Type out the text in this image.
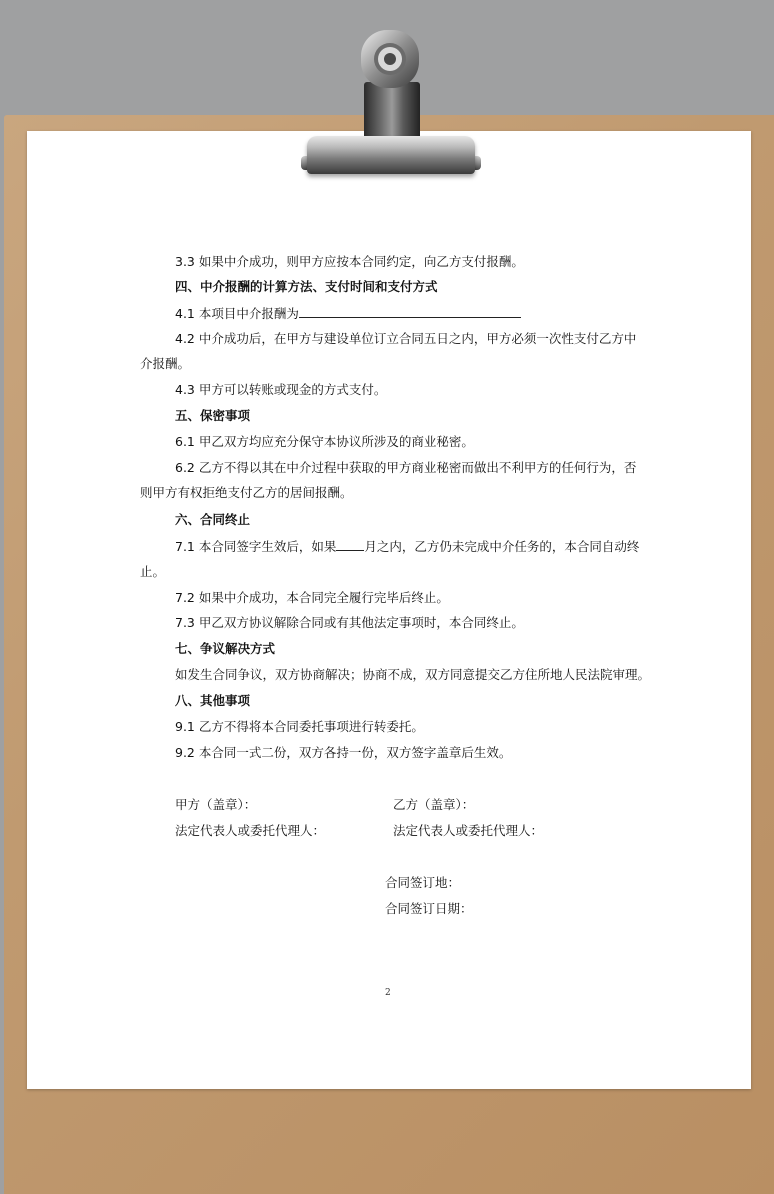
3.3 如果中介成功，则甲方应按本合同约定，向乙方支付报酬。
四、中介报酬的计算方法、支付时间和支付方式
4.1 本项目中介报酬为
4.2 中介成功后，在甲方与建设单位订立合同五日之内，甲方必须一次性支付乙方中
介报酬。
4.3 甲方可以转账或现金的方式支付。
五、保密事项
6.1 甲乙双方均应充分保守本协议所涉及的商业秘密。
6.2 乙方不得以其在中介过程中获取的甲方商业秘密而做出不利甲方的任何行为，否
则甲方有权拒绝支付乙方的居间报酬。
六、合同终止
7.1 本合同签字生效后，如果 月之内，乙方仍未完成中介任务的，本合同自动终
止。
7.2 如果中介成功，本合同完全履行完毕后终止。
7.3 甲乙双方协议解除合同或有其他法定事项时，本合同终止。
七、争议解决方式
如发生合同争议，双方协商解决；协商不成，双方同意提交乙方住所地人民法院审理。
八、其他事项
9.1 乙方不得将本合同委托事项进行转委托。
9.2 本合同一式二份，双方各持一份，双方签字盖章后生效。
甲方（盖章）：	乙方（盖章）：
法定代表人或委托代理人：	法定代表人或委托代理人：
合同签订地：
合同签订日期：
2
